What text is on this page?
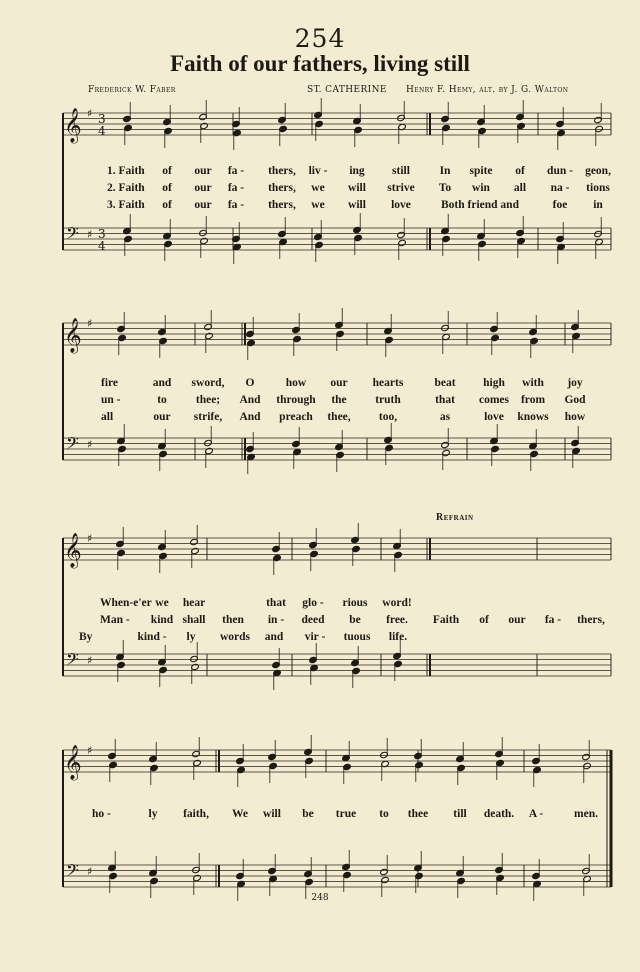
254
Faith of our fathers, living still
Frederick W. Faber	ST. CATHERINE Henry F. Hemy, alt. by J. G. Walton
Refrain
𝄞
𝄢
♯
♯
3
4
3
4
𝄞
𝄢
♯
♯
𝄞
𝄢
♯
♯
𝄞
𝄢
♯
♯
1. Faith of our fa - thers, liv - ing still	In spite of dun - geon,
2. Faith of our fa - thers, we will strive To win all na - tions
3. Faith of our fa - thers, we will love	Both friend and	foe in
fire	and sword, O	how our hearts	beat high with joy
un -	to	thee; And through the truth	that comes from God
all	our strife, And preach thee, too,	as	love knows how
When-e'er we hear	that glo - rious word!
Man - kind shall then in - deed be free. Faith of our fa - thers,
By	kind - ly words and vir - tuous life.
ho -	ly faith, We will be true to thee till death. A -	men.
248
